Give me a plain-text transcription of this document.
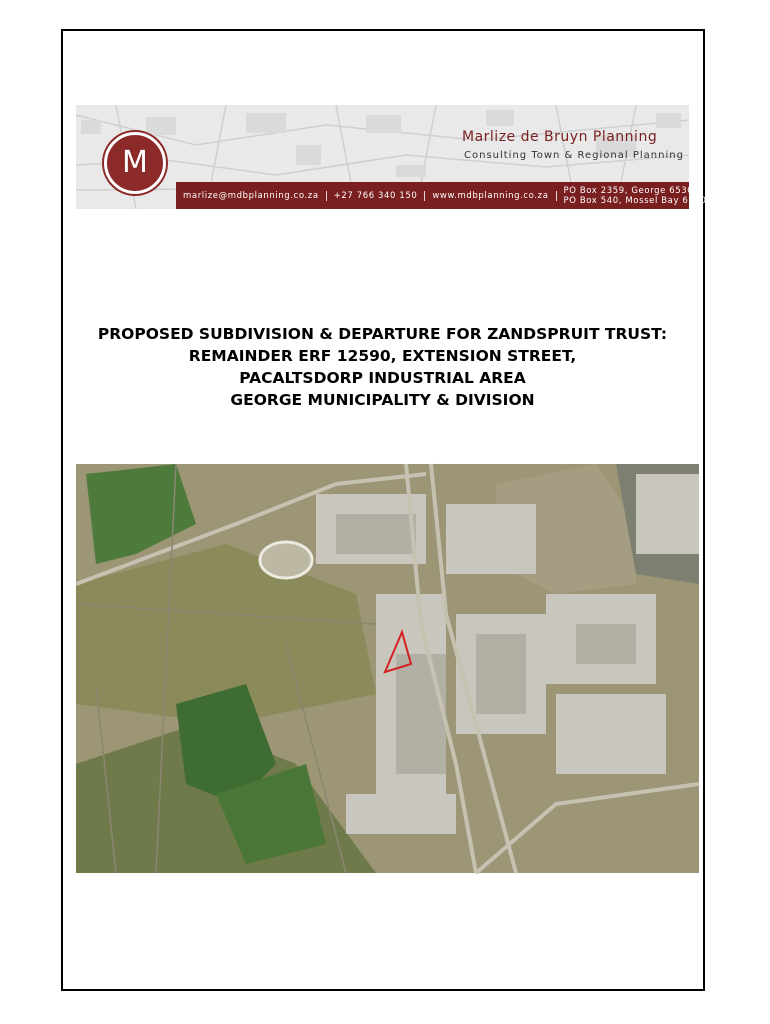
M
Marlize de Bruyn Planning
Consulting Town & Regional Planning
marlize@mdbplanning.co.za	+27 766 340 150	www.mdbplanning.co.za	PO Box 2359, George 6530
PO Box 540, Mossel Bay 6500
PROPOSED SUBDIVISION & DEPARTURE FOR ZANDSPRUIT TRUST:
REMAINDER ERF 12590, EXTENSION STREET,
PACALTSDORP INDUSTRIAL AREA
GEORGE MUNICIPALITY & DIVISION
